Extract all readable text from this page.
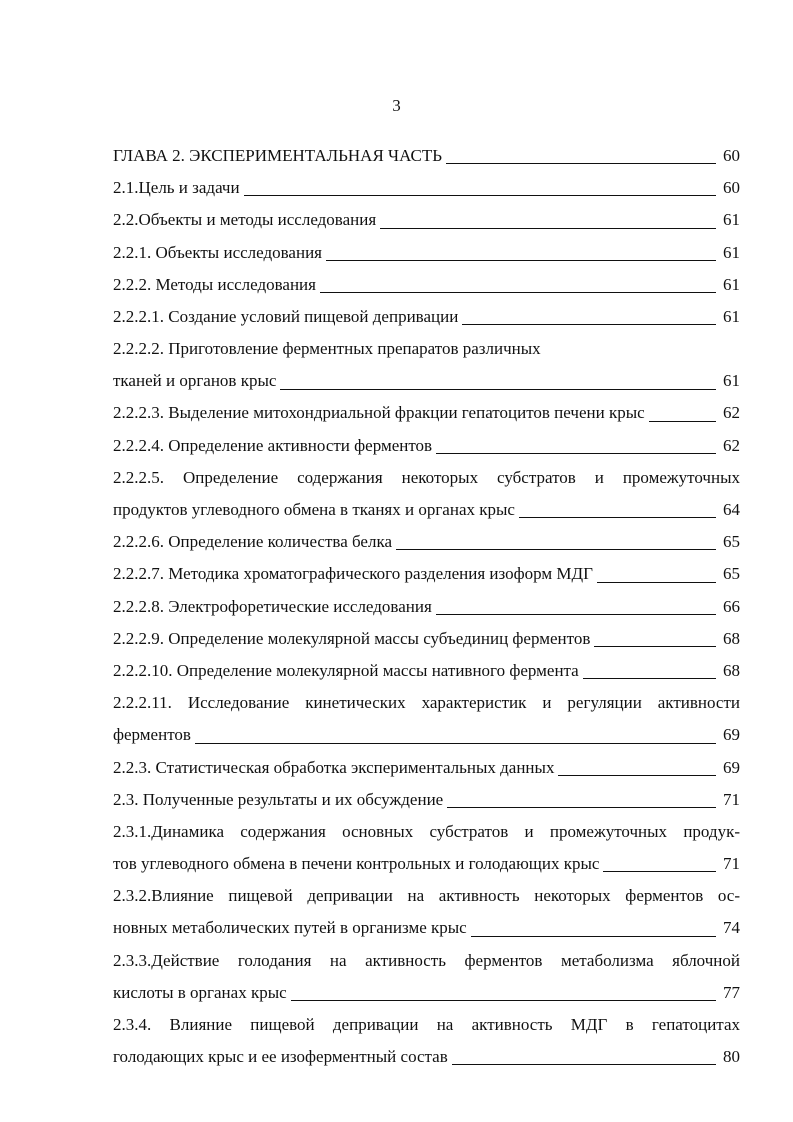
3
ГЛАВА 2. ЭКСПЕРИМЕНТАЛЬНАЯ ЧАСТЬ	60
2.1.Цель и задачи	60
2.2.Объекты и методы исследования	61
2.2.1. Объекты исследования	61
2.2.2. Методы исследования	61
2.2.2.1. Создание условий пищевой депривации	61
2.2.2.2. Приготовление ферментных препаратов различных
тканей и органов крыс	61
2.2.2.3. Выделение митохондриальной фракции гепатоцитов печени крыс	62
2.2.2.4. Определение активности ферментов	62
2.2.2.5. Определение содержания некоторых субстратов и промежуточных
продуктов углеводного обмена в тканях и органах крыс	64
2.2.2.6. Определение количества белка	65
2.2.2.7. Методика хроматографического разделения изоформ МДГ	65
2.2.2.8. Электрофоретические исследования	66
2.2.2.9. Определение молекулярной массы субъединиц ферментов	68
2.2.2.10. Определение молекулярной массы нативного фермента	68
2.2.2.11. Исследование кинетических характеристик и регуляции активности
ферментов	69
2.2.3. Статистическая обработка экспериментальных данных	69
2.3. Полученные результаты и их обсуждение	71
2.3.1.Динамика содержания основных субстратов и промежуточных продук-
тов углеводного обмена в печени контрольных и голодающих крыс	71
2.3.2.Влияние пищевой депривации на активность некоторых ферментов ос-
новных метаболических путей в организме крыс	74
2.3.3.Действие голодания на активность ферментов метаболизма яблочной
кислоты в органах крыс	77
2.3.4. Влияние пищевой депривации на активность МДГ в гепатоцитах
голодающих крыс и ее изоферментный состав	80
